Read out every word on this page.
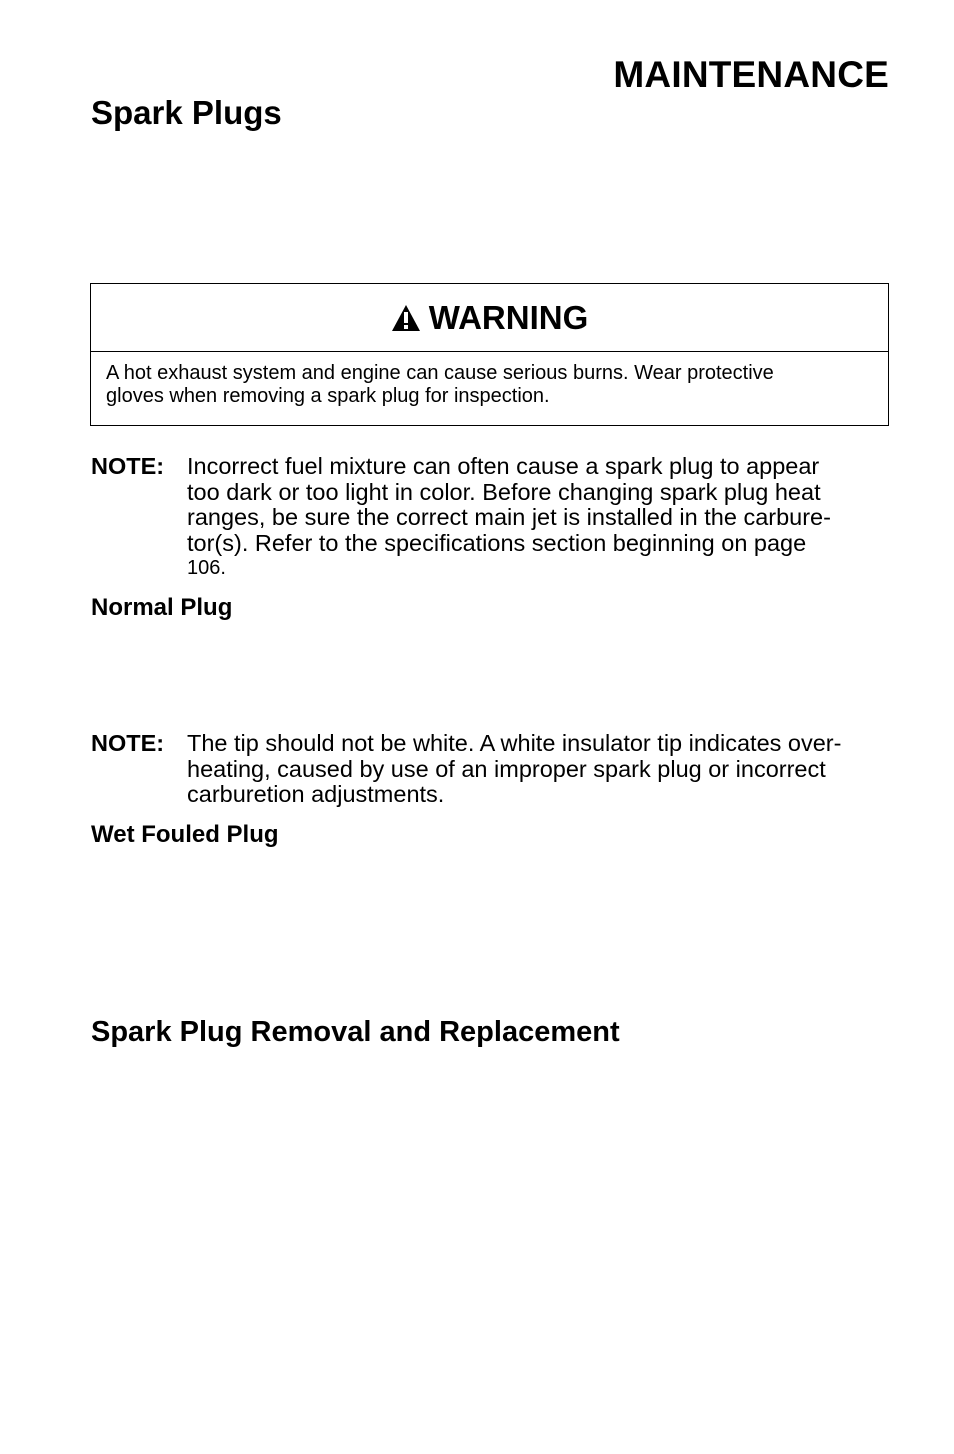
MAINTENANCE
Spark Plugs
WARNING
A hot exhaust system and engine can cause serious burns. Wear protective
gloves when removing a spark plug for inspection.
NOTE: Incorrect fuel mixture can often cause a spark plug to appear
too dark or too light in color. Before changing spark plug heat
ranges, be sure the correct main jet is installed in the carbure-
tor(s). Refer to the specifications section beginning on page
106.
Normal Plug
NOTE: The tip should not be white. A white insulator tip indicates over-
heating, caused by use of an improper spark plug or incorrect
carburetion adjustments.
Wet Fouled Plug
Spark Plug Removal and Replacement
